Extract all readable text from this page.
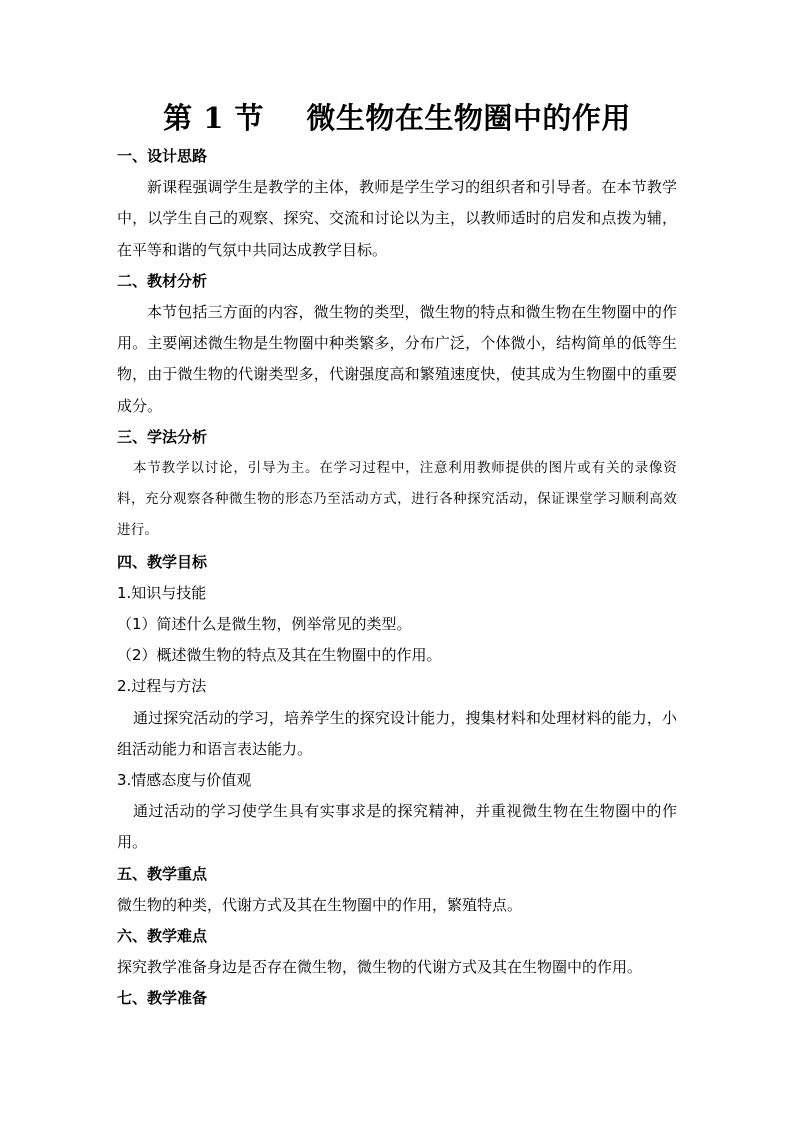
第 1 节    微生物在生物圈中的作用
一、设计思路

新课程强调学生是教学的主体，教师是学生学习的组织者和引导者。在本节教学中，以学生自己的观察、探究、交流和讨论以为主，以教师适时的启发和点拨为辅，在平等和谐的气氛中共同达成教学目标。

二、教材分析

本节包括三方面的内容，微生物的类型，微生物的特点和微生物在生物圈中的作用。主要阐述微生物是生物圈中种类繁多，分布广泛，个体微小，结构简单的低等生物，由于微生物的代谢类型多，代谢强度高和繁殖速度快，使其成为生物圈中的重要成分。

三、学法分析

本节教学以讨论，引导为主。在学习过程中，注意利用教师提供的图片或有关的录像资料，充分观察各种微生物的形态乃至活动方式，进行各种探究活动，保证课堂学习顺利高效进行。

四、教学目标
1.知识与技能
（1）简述什么是微生物，例举常见的类型。
（2）概述微生物的特点及其在生物圈中的作用。
2.过程与方法

通过探究活动的学习，培养学生的探究设计能力，搜集材料和处理材料的能力，小组活动能力和语言表达能力。

3.情感态度与价值观

通过活动的学习使学生具有实事求是的探究精神，并重视微生物在生物圈中的作用。

五、教学重点

微生物的种类，代谢方式及其在生物圈中的作用，繁殖特点。

六、教学难点

探究教学准备身边是否存在微生物，微生物的代谢方式及其在生物圈中的作用。

七、教学准备
